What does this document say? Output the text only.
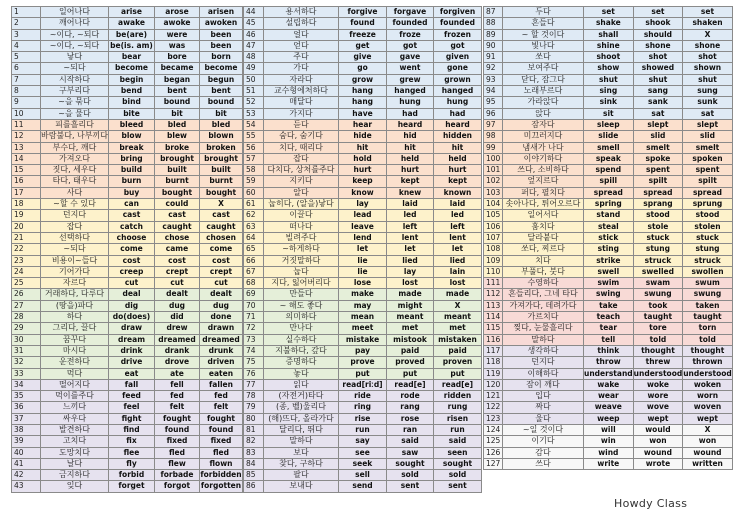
1	일어나다	arise	arose	arisen
2	깨어나다	awake	awoke	awoken
3	~이다, ~되다	be(are)	were	been
4	~이다, ~되다	be(is. am)	was	been
5	낳다	bear	bore	born
6	~되다	become	became	become
7	시작하다	begin	began	begun
8	구부리다	bend	bent	bent
9	~을 묶다	bind	bound	bound
10	~을 물다	bite	bit	bit
11	피를흘리다	bleed	bled	bled
12	바람불다, 나부끼다	blow	blew	blown
13	부수다, 깨다	break	broke	broken
14	가져오다	bring	brought	brought
15	짓다, 세우다	build	built	built
16	타다, 태우다	burn	burnt	burnt
17	사다	buy	bought	bought
18	~할 수 있다	can	could	X
19	던지다	cast	cast	cast
20	잡다	catch	caught	caught
21	선택하다	choose	chose	chosen
22	~되다	come	came	come
23	비용이~들다	cost	cost	cost
24	기어가다	creep	crept	crept
25	자르다	cut	cut	cut
26	거래하다, 다루다	deal	dealt	dealt
27	(땅을)파다	dig	dug	dug
28	하다	do(does)	did	done
29	그리다, 끌다	draw	drew	drawn
30	꿈꾸다	dream	dreamed	dreamed
31	마시다	drink	drank	drunk
32	운전하다	drive	drove	driven
33	먹다	eat	ate	eaten
34	떨어지다	fall	fell	fallen
35	먹이를주다	feed	fed	fed
36	느끼다	feel	felt	felt
37	싸우다	fight	fought	fought
38	발견하다	find	found	found
39	고치다	fix	fixed	fixed
40	도망치다	flee	fled	fled
41	날다	fly	flew	flown
42	금지하다	forbid	forbade	forbidden
43	잊다	forget	forgot	forgotten
44	용서하다	forgive	forgave	forgiven
45	설립하다	found	founded	founded
46	얼다	freeze	froze	frozen
47	얻다	get	got	got
48	주다	give	gave	given
49	가다	go	went	gone
50	자라다	grow	grew	grown
51	교수형에처하다	hang	hanged	hanged
52	매달다	hang	hung	hung
53	가지다	have	had	had
54	듣다	hear	heard	heard
55	숨다, 숨기다	hide	hid	hidden
56	치다, 때리다	hit	hit	hit
57	잡다	hold	held	held
58	다치다, 상처를주다	hurt	hurt	hurt
59	지키다	keep	kept	kept
60	알다	know	knew	known
61	눕히다, (알을)낳다	lay	laid	laid
62	이끌다	lead	led	led
63	떠나다	leave	left	left
64	빌려주다	lend	lent	lent
65	~하게하다	let	let	let
66	거짓말하다	lie	lied	lied
67	눕다	lie	lay	lain
68	지다, 잃어버리다	lose	lost	lost
69	만들다	make	made	made
70	~ 해도 좋다	may	might	X
71	의미하다	mean	meant	meant
72	만나다	meet	met	met
73	실수하다	mistake	mistook	mistaken
74	지불하다, 갚다	pay	paid	paid
75	증명하다	prove	proved	proven
76	놓다	put	put	put
77	읽다	read[riːd]	read[e]	read[e]
78	(자전거)타다	ride	rode	ridden
79	(종, 벨)울리다	ring	rang	rung
80	(해)뜨다, 올라가다	rise	rose	risen
81	달리다, 뛰다	run	ran	run
82	말하다	say	said	said
83	보다	see	saw	seen
84	찾다, 구하다	seek	sought	sought
85	팔다	sell	sold	sold
86	보내다	send	sent	sent
87	두다	set	set	set
88	흔들다	shake	shook	shaken
89	~ 할 것이다	shall	should	X
90	빛나다	shine	shone	shone
91	쏘다	shoot	shot	shot
92	보여주다	show	showed	shown
93	닫다, 잠그다	shut	shut	shut
94	노래부르다	sing	sang	sung
95	가라앉다	sink	sank	sunk
96	앉다	sit	sat	sat
97	잠자다	sleep	slept	slept
98	미끄러지다	slide	slid	slid
99	냄새가 나다	smell	smelt	smelt
100	이야기하다	speak	spoke	spoken
101	쓰다, 소비하다	spend	spent	spent
102	엎지르다	spill	spilt	spilt
103	퍼다, 펼치다	spread	spread	spread
104	솟아나다, 튀어오르다	spring	sprang	sprung
105	일어서다	stand	stood	stood
106	훔치다	steal	stole	stolen
107	달라붙다	stick	stuck	stuck
108	쏘다, 찌르다	sting	stung	stung
109	치다	strike	struck	struck
110	부풀다, 붓다	swell	swelled	swollen
111	수영하다	swim	swam	swum
112	흔들리다, 그네 타다	swing	swung	swung
113	가져가다, 데려가다	take	took	taken
114	가르치다	teach	taught	taught
115	찢다, 눈물흘리다	tear	tore	torn
116	말하다	tell	told	told
117	생각하다	think	thought	thought
118	던지다	throw	threw	thrown
119	이해하다	understand	understood	understood
120	잠이 깨다	wake	woke	woken
121	입다	wear	wore	worn
122	짜다	weave	wove	woven
123	울다	weep	wept	wept
124	~일 것이다	will	would	X
125	이기다	win	won	won
126	감다	wind	wound	wound
127	쓰다	write	wrote	written

Howdy Class
